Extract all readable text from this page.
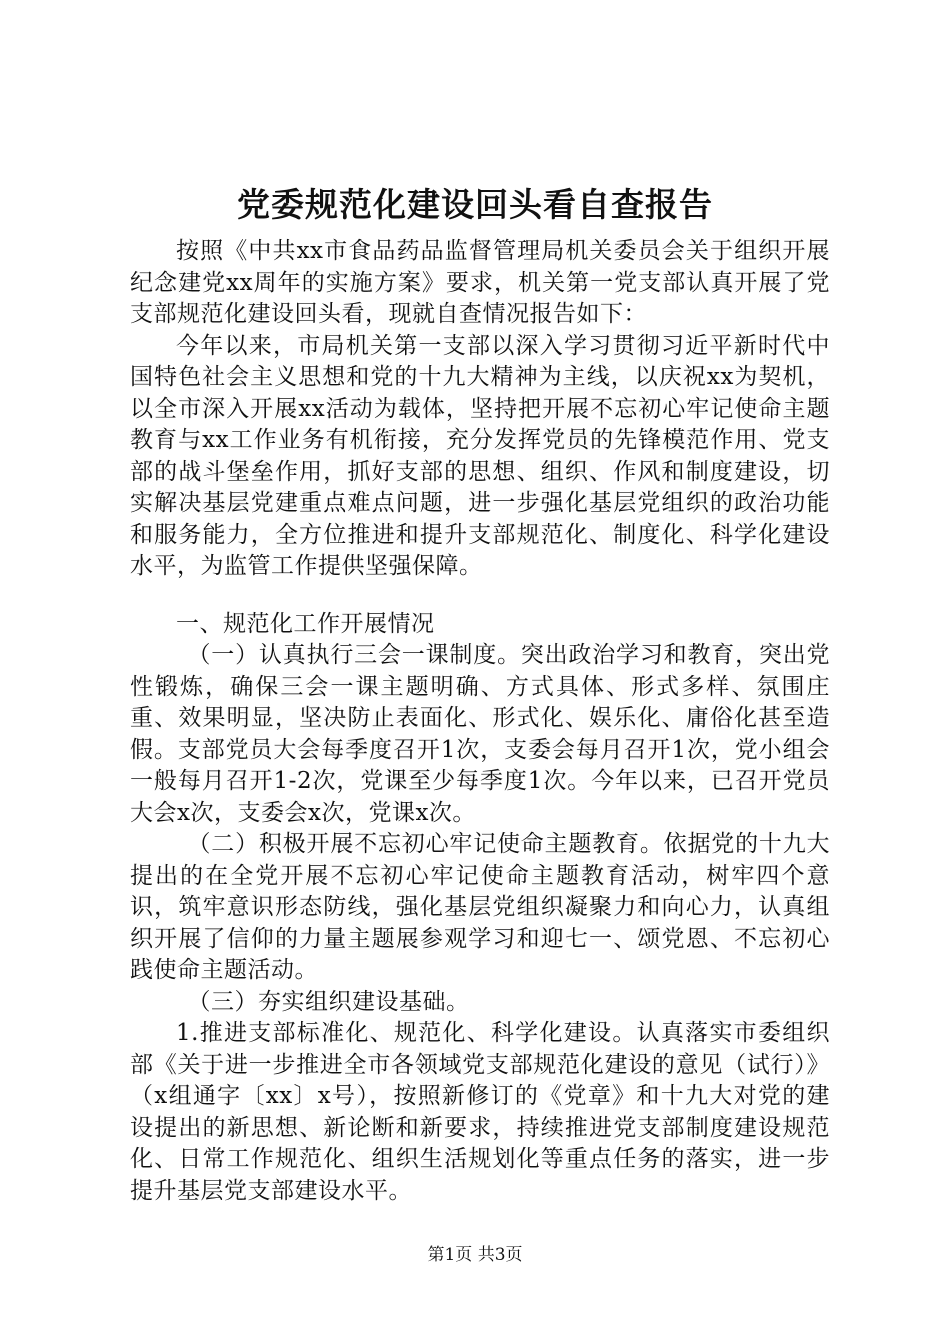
党委规范化建设回头看自查报告

按照《中共xx市食品药品监督管理局机关委员会关于组织开展纪念建党xx周年的实施方案》要求，机关第一党支部认真开展了党支部规范化建设回头看，现就自查情况报告如下：

今年以来，市局机关第一支部以深入学习贯彻习近平新时代中国特色社会主义思想和党的十九大精神为主线，以庆祝xx为契机，以全市深入开展xx活动为载体，坚持把开展不忘初心牢记使命主题教育与xx工作业务有机衔接，充分发挥党员的先锋模范作用、党支部的战斗堡垒作用，抓好支部的思想、组织、作风和制度建设，切实解决基层党建重点难点问题，进一步强化基层党组织的政治功能和服务能力，全方位推进和提升支部规范化、制度化、科学化建设水平，为监管工作提供坚强保障。

一、规范化工作开展情况

（一）认真执行三会一课制度。突出政治学习和教育，突出党性锻炼，确保三会一课主题明确、方式具体、形式多样、氛围庄重、效果明显，坚决防止表面化、形式化、娱乐化、庸俗化甚至造假。支部党员大会每季度召开1次，支委会每月召开1次，党小组会一般每月召开1-2次，党课至少每季度1次。今年以来，已召开党员大会x次，支委会x次，党课x次。

（二）积极开展不忘初心牢记使命主题教育。依据党的十九大提出的在全党开展不忘初心牢记使命主题教育活动，树牢四个意识，筑牢意识形态防线，强化基层党组织凝聚力和向心力，认真组织开展了信仰的力量主题展参观学习和迎七一、颂党恩、不忘初心践使命主题活动。

（三）夯实组织建设基础。

1.推进支部标准化、规范化、科学化建设。认真落实市委组织部《关于进一步推进全市各领域党支部规范化建设的意见（试行）》（x组通字〔xx〕x号），按照新修订的《党章》和十九大对党的建设提出的新思想、新论断和新要求，持续推进党支部制度建设规范化、日常工作规范化、组织生活规划化等重点任务的落实，进一步提升基层党支部建设水平。

第1页 共3页
